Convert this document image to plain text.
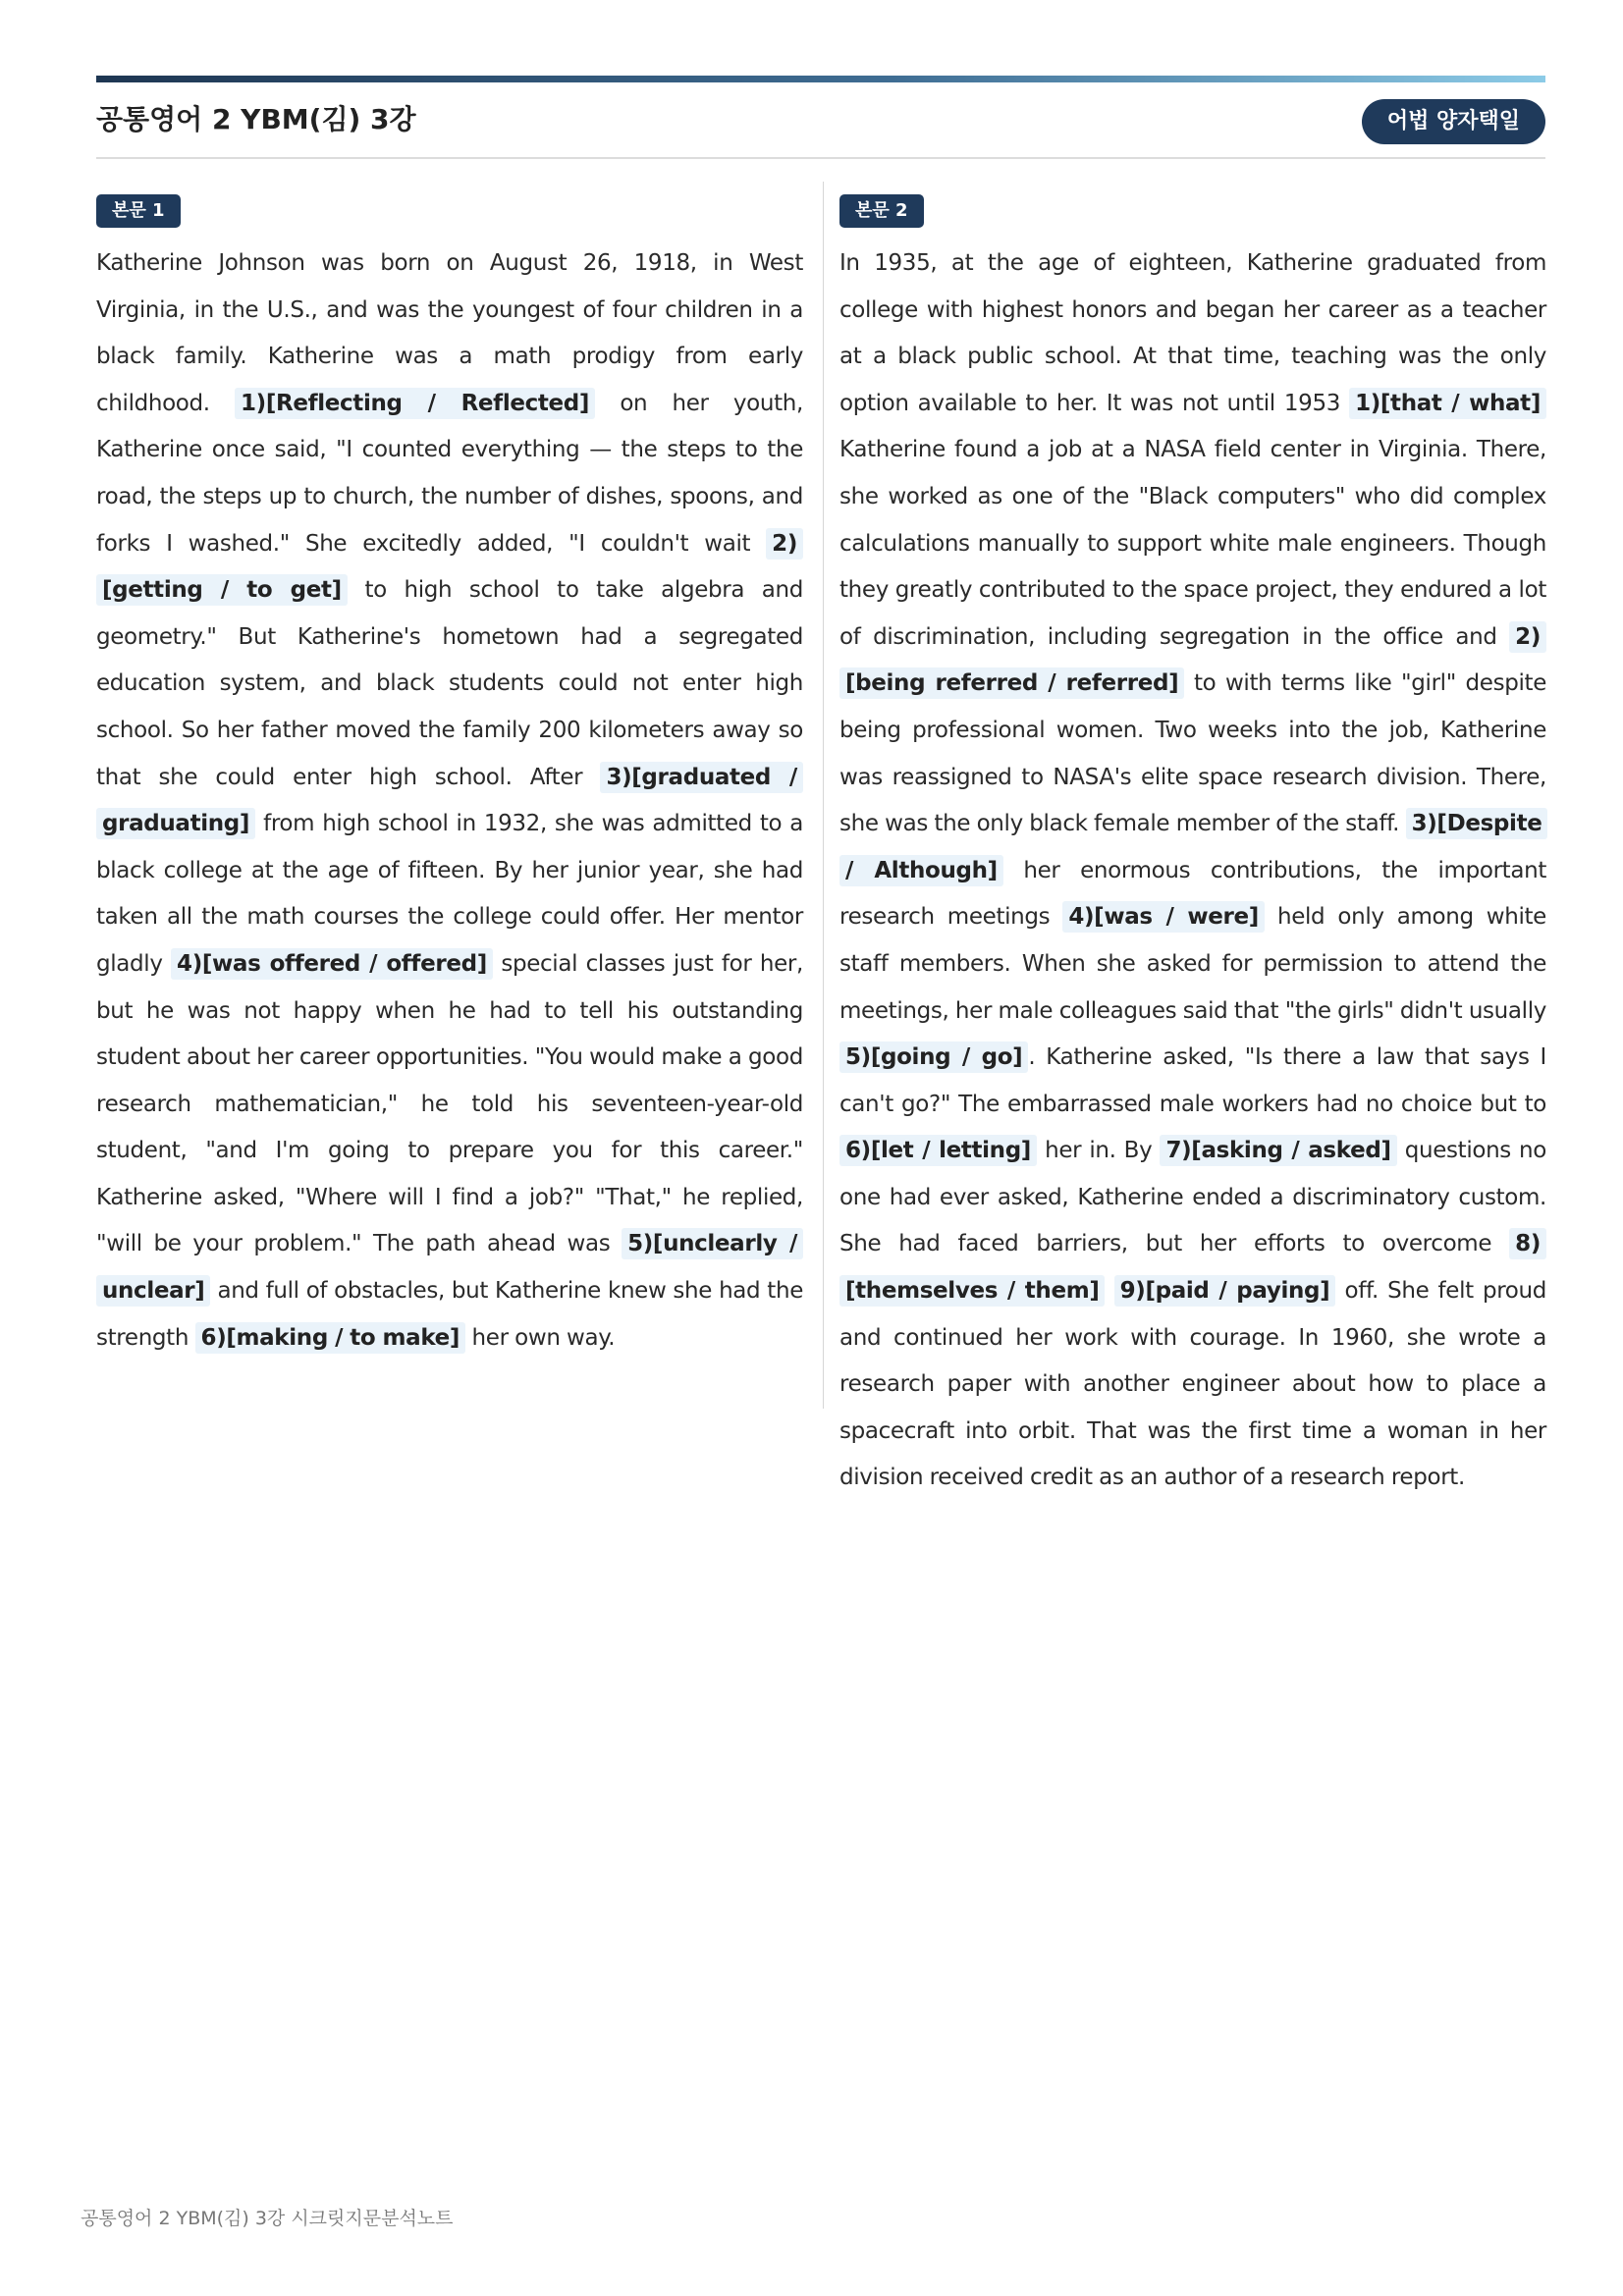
공통영어 2 YBM(김) 3강	어법 양자택일
본문 1
Katherine Johnson was born on August 26, 1918, in West Virginia, in the U.S., and was the youngest of four children in a black family. Katherine was a math prodigy from early childhood. 1)[Reflecting / Reflected] on her youth, Katherine once said, "I counted everything — the steps to the road, the steps up to church, the number of dishes, spoons, and forks I washed." She excitedly added, "I couldn't wait 2)[getting / to get] to high school to take algebra and geometry." But Katherine's hometown had a segregated education system, and black students could not enter high school. So her father moved the family 200 kilometers away so that she could enter high school. After 3)[graduated / graduating] from high school in 1932, she was admitted to a black college at the age of fifteen. By her junior year, she had taken all the math courses the college could offer. Her mentor gladly 4)[was offered / offered] special classes just for her, but he was not happy when he had to tell his outstanding student about her career opportunities. "You would make a good research mathematician," he told his seventeen-year-old student, "and I'm going to prepare you for this career." Katherine asked, "Where will I find a job?" "That," he replied, "will be your problem." The path ahead was 5)[unclearly / unclear] and full of obstacles, but Katherine knew she had the strength 6)[making / to make] her own way.
본문 2
In 1935, at the age of eighteen, Katherine graduated from college with highest honors and began her career as a teacher at a black public school. At that time, teaching was the only option available to her. It was not until 1953 1)[that / what] Katherine found a job at a NASA field center in Virginia. There, she worked as one of the "Black computers" who did complex calculations manually to support white male engineers. Though they greatly contributed to the space project, they endured a lot of discrimination, including segregation in the office and 2)[being referred / referred] to with terms like "girl" despite being professional women. Two weeks into the job, Katherine was reassigned to NASA's elite space research division. There, she was the only black female member of the staff. 3)[Despite / Although] her enormous contributions, the important research meetings 4)[was / were] held only among white staff members. When she asked for permission to attend the meetings, her male colleagues said that "the girls" didn't usually 5)[going / go] . Katherine asked, "Is there a law that says I can't go?" The embarrassed male workers had no choice but to 6)[let / letting] her in. By 7)[asking / asked] questions no one had ever asked, Katherine ended a discriminatory custom. She had faced barriers, but her efforts to overcome 8)[themselves / them] 9)[paid / paying] off. She felt proud and continued her work with courage. In 1960, she wrote a research paper with another engineer about how to place a spacecraft into orbit. That was the first time a woman in her division received credit as an author of a research report.
공통영어 2 YBM(김) 3강 시크릿지문분석노트
